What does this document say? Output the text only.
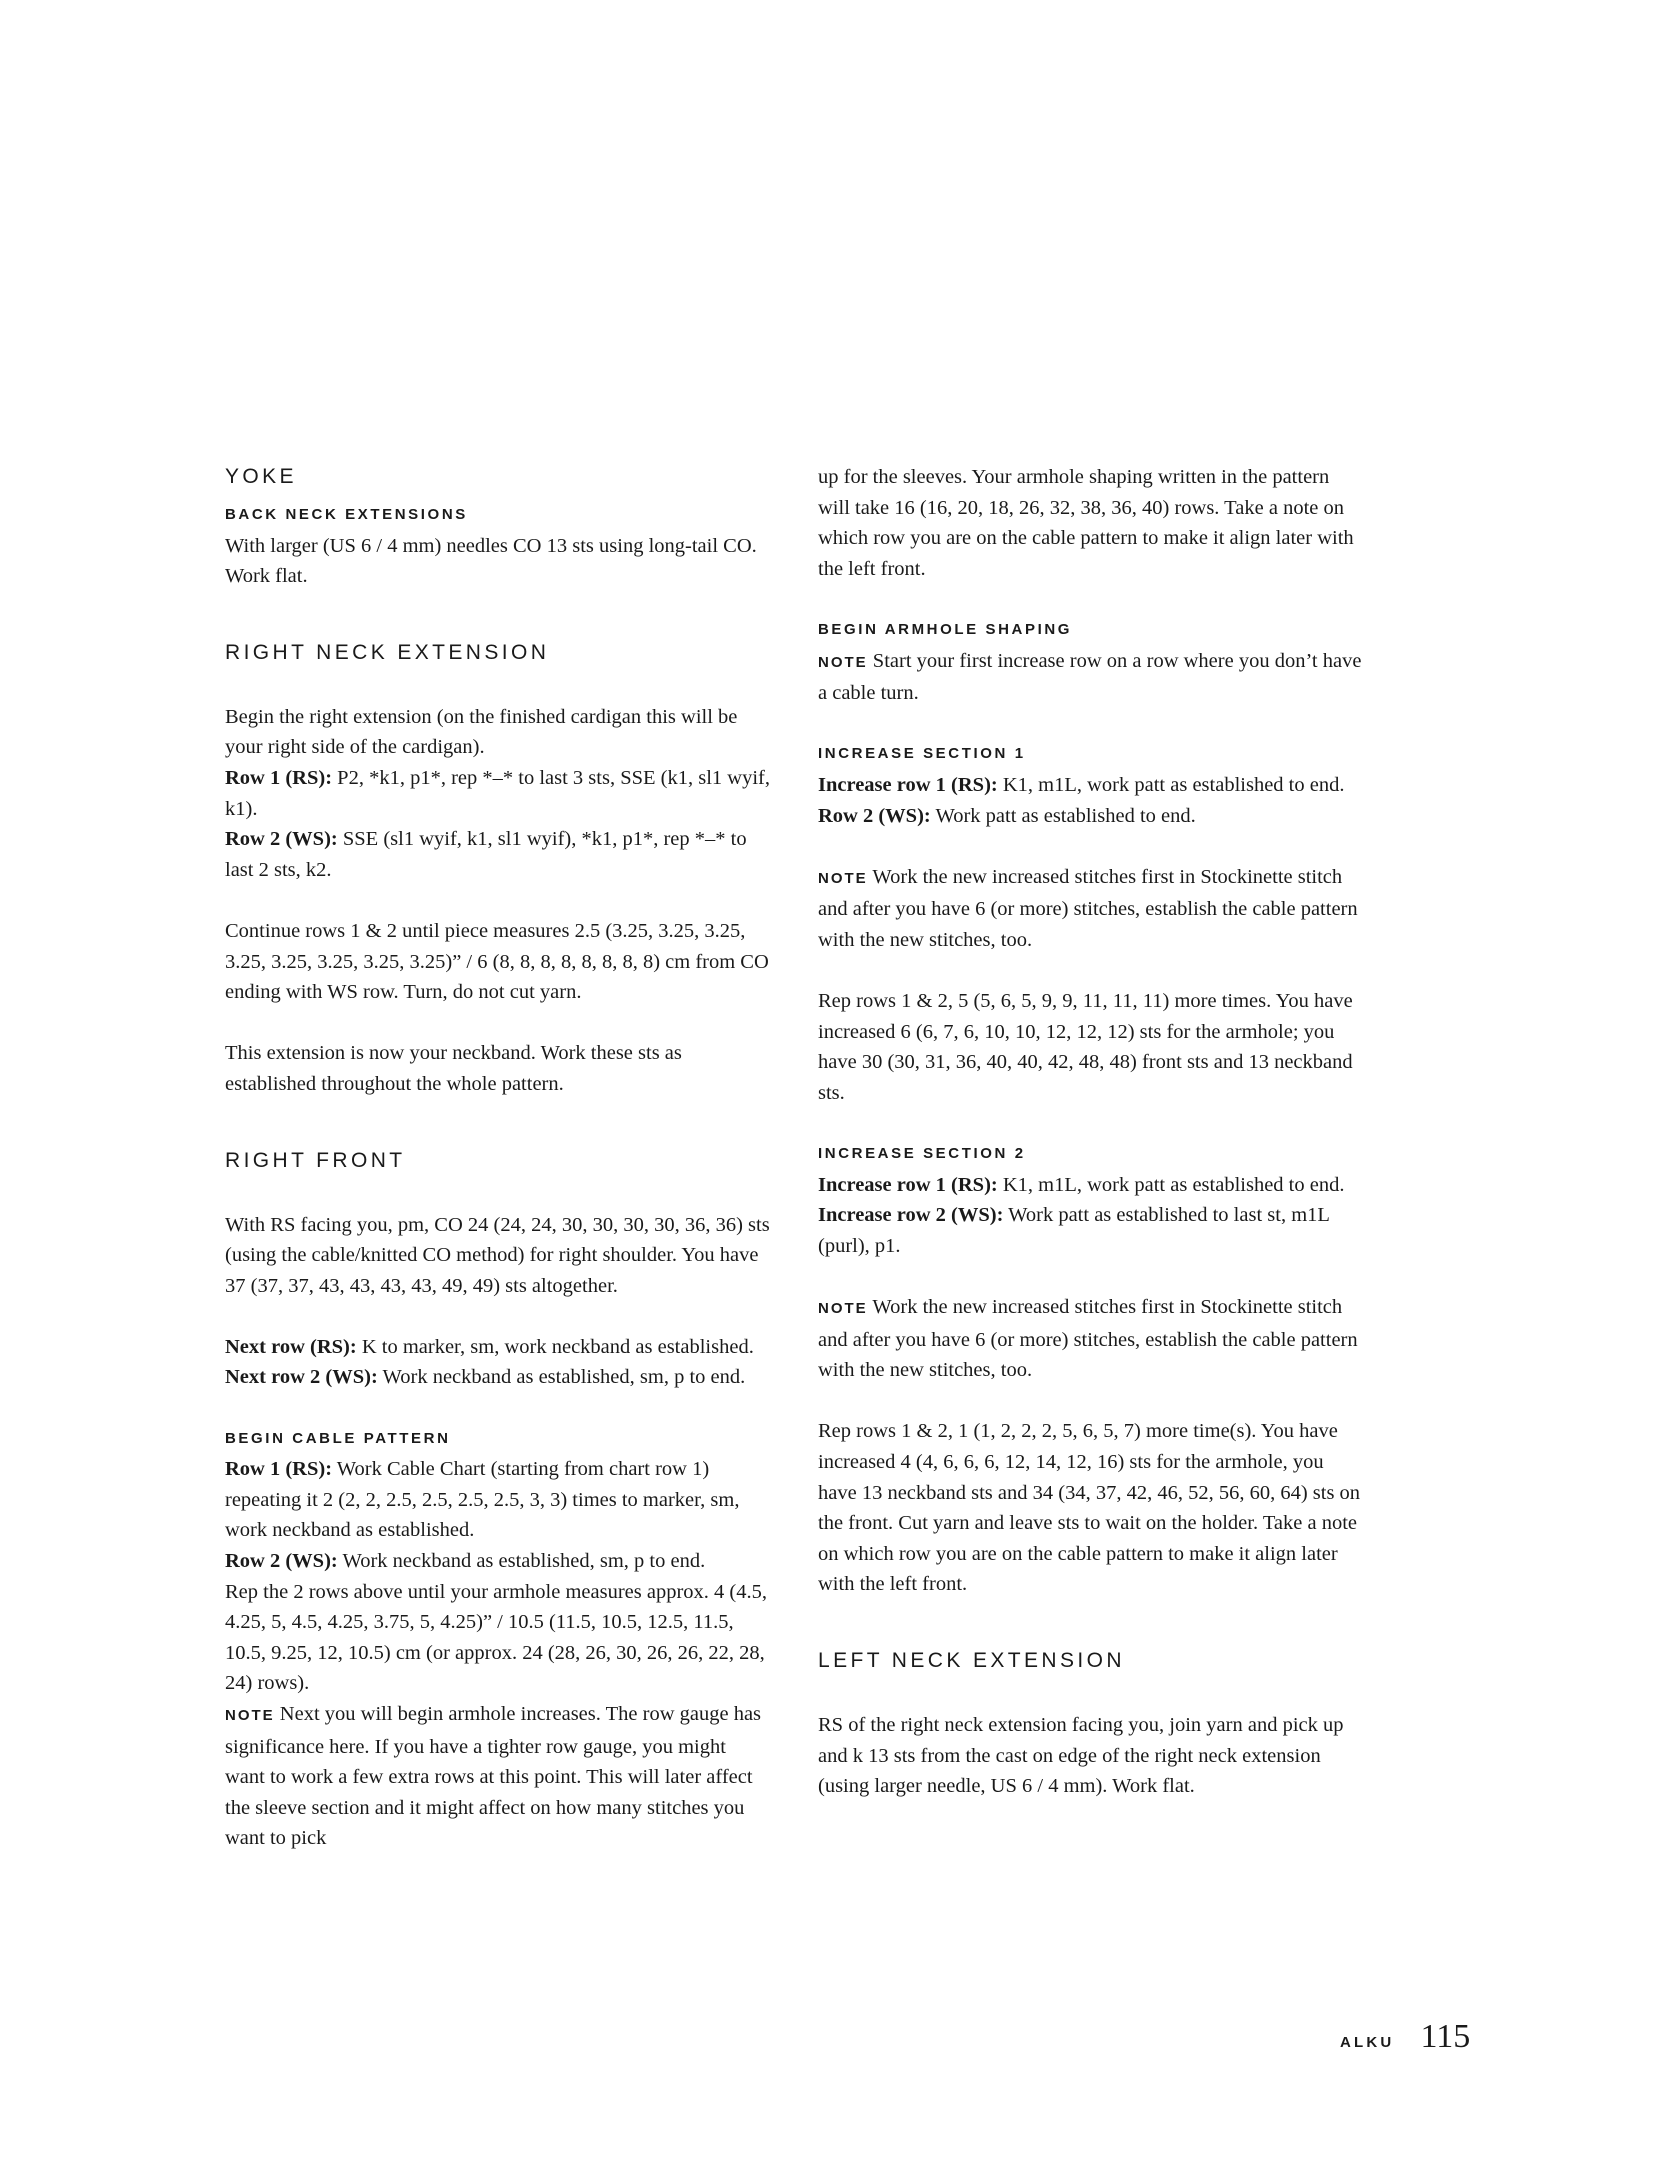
YOKE
BACK NECK EXTENSIONS

With larger (US 6 / 4 mm) needles CO 13 sts using long-tail CO. Work flat.

RIGHT NECK EXTENSION

Begin the right extension (on the finished cardigan this will be your right side of the cardigan).

Row 1 (RS): P2, *k1, p1*, rep *–* to last 3 sts, SSE (k1, sl1 wyif, k1).

Row 2 (WS): SSE (sl1 wyif, k1, sl1 wyif), *k1, p1*, rep *–* to last 2 sts, k2.

Continue rows 1 & 2 until piece measures 2.5 (3.25, 3.25, 3.25, 3.25, 3.25, 3.25, 3.25, 3.25)” / 6 (8, 8, 8, 8, 8, 8, 8, 8) cm from CO ending with WS row. Turn, do not cut yarn.

This extension is now your neckband. Work these sts as established throughout the whole pattern.

RIGHT FRONT

With RS facing you, pm, CO 24 (24, 24, 30, 30, 30, 30, 36, 36) sts (using the cable/knitted CO method) for right shoulder. You have 37 (37, 37, 43, 43, 43, 43, 49, 49) sts altogether.

Next row (RS): K to marker, sm, work neckband as established.

Next row 2 (WS): Work neckband as established, sm, p to end.

BEGIN CABLE PATTERN

Row 1 (RS): Work Cable Chart (starting from chart row 1) repeating it 2 (2, 2, 2.5, 2.5, 2.5, 2.5, 3, 3) times to marker, sm, work neckband as established.

Row 2 (WS): Work neckband as established, sm, p to end.

Rep the 2 rows above until your armhole measures approx. 4 (4.5, 4.25, 5, 4.5, 4.25, 3.75, 5, 4.25)” / 10.5 (11.5, 10.5, 12.5, 11.5, 10.5, 9.25, 12, 10.5) cm (or approx. 24 (28, 26, 30, 26, 26, 22, 28, 24) rows).

NOTE Next you will begin armhole increases. The row gauge has significance here. If you have a tighter row gauge, you might want to work a few extra rows at this point. This will later affect the sleeve section and it might affect on how many stitches you want to pick

up for the sleeves. Your armhole shaping written in the pattern will take 16 (16, 20, 18, 26, 32, 38, 36, 40) rows. Take a note on which row you are on the cable pattern to make it align later with the left front.

BEGIN ARMHOLE SHAPING

NOTE Start your first increase row on a row where you don’t have a cable turn.

INCREASE SECTION 1

Increase row 1 (RS): K1, m1L, work patt as established to end.

Row 2 (WS): Work patt as established to end.

NOTE Work the new increased stitches first in Stockinette stitch and after you have 6 (or more) stitches, establish the cable pattern with the new stitches, too.

Rep rows 1 & 2, 5 (5, 6, 5, 9, 9, 11, 11, 11) more times. You have increased 6 (6, 7, 6, 10, 10, 12, 12, 12) sts for the armhole; you have 30 (30, 31, 36, 40, 40, 42, 48, 48) front sts and 13 neckband sts.

INCREASE SECTION 2

Increase row 1 (RS): K1, m1L, work patt as established to end.

Increase row 2 (WS): Work patt as established to last st, m1L (purl), p1.

NOTE Work the new increased stitches first in Stockinette stitch and after you have 6 (or more) stitches, establish the cable pattern with the new stitches, too.

Rep rows 1 & 2, 1 (1, 2, 2, 2, 5, 6, 5, 7) more time(s). You have increased 4 (4, 6, 6, 6, 12, 14, 12, 16) sts for the armhole, you have 13 neckband sts and 34 (34, 37, 42, 46, 52, 56, 60, 64) sts on the front. Cut yarn and leave sts to wait on the holder. Take a note on which row you are on the cable pattern to make it align later with the left front.

LEFT NECK EXTENSION

RS of the right neck extension facing you, join yarn and pick up and k 13 sts from the cast on edge of the right neck extension (using larger needle, US 6 / 4 mm). Work flat.

ALKU 115
